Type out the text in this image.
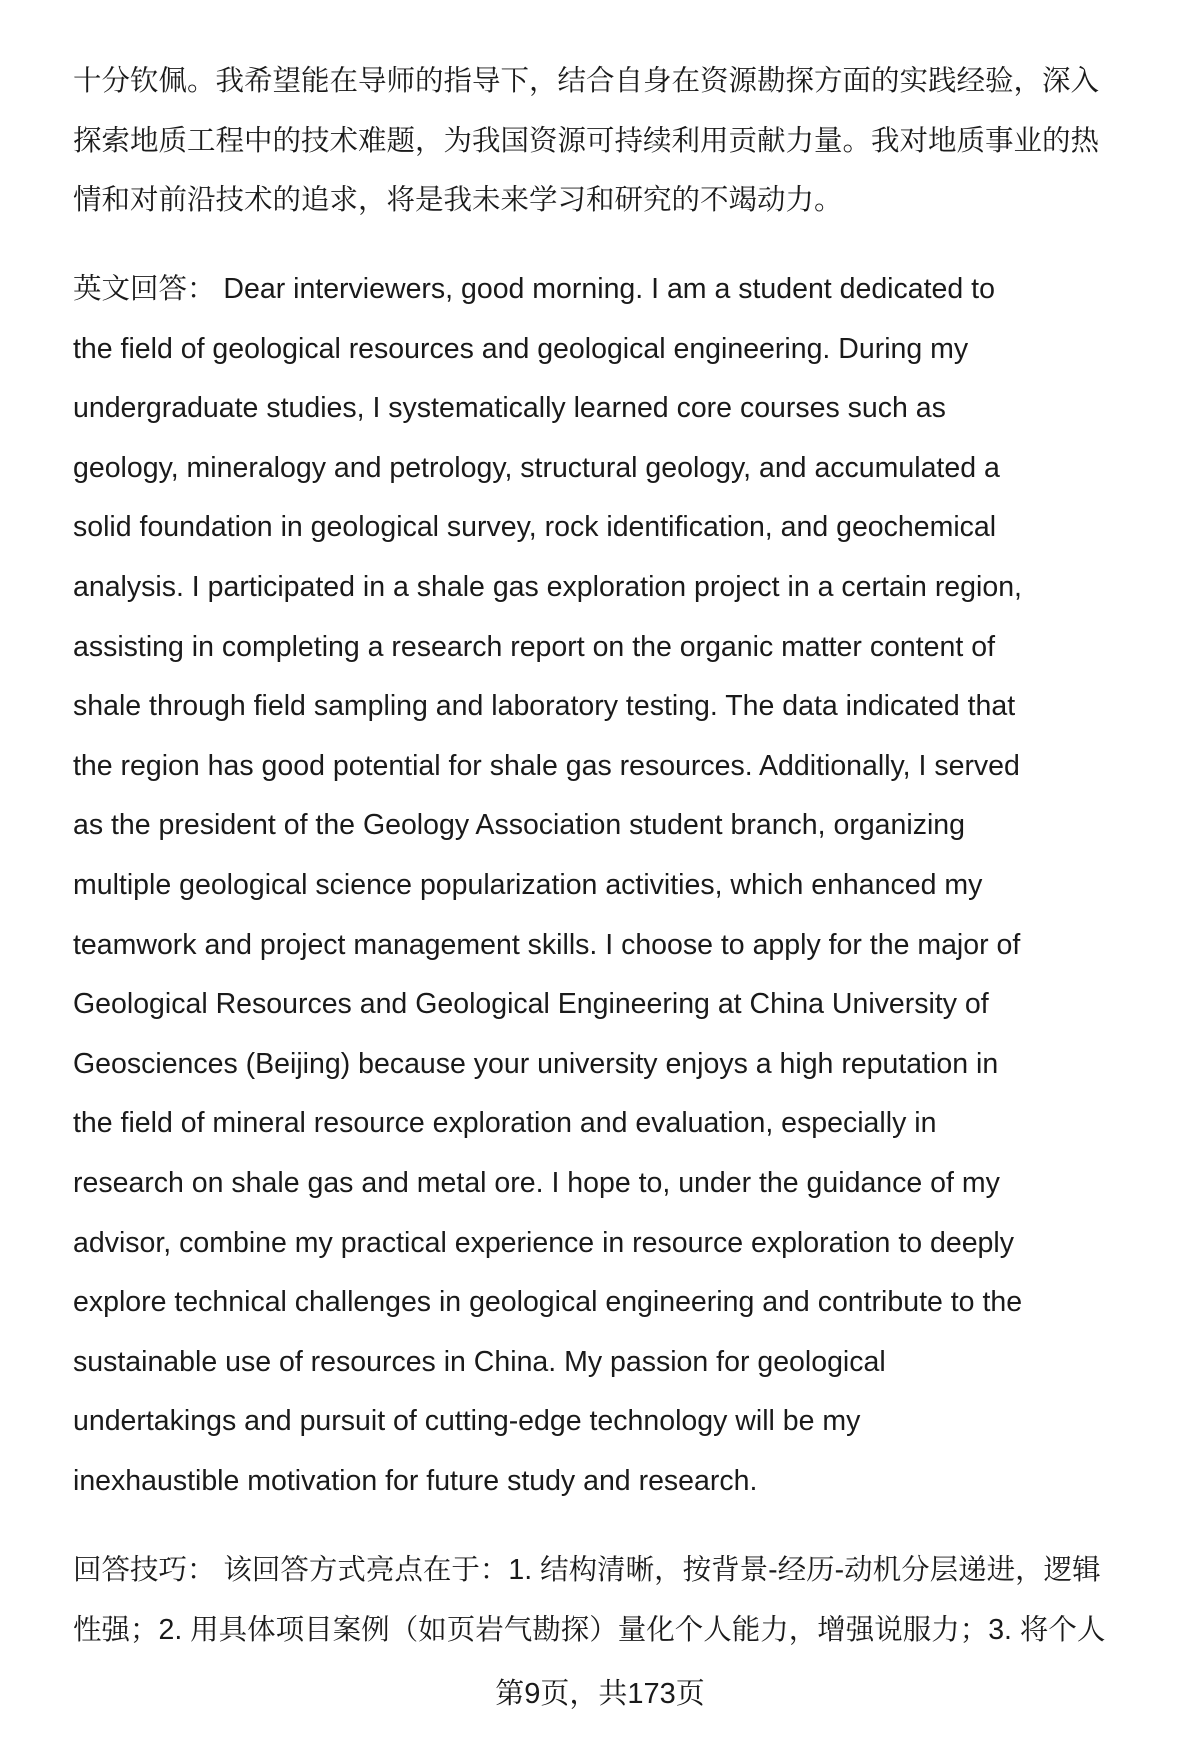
十分钦佩。我希望能在导师的指导下，结合自身在资源勘探方面的实践经验，深入
探索地质工程中的技术难题，为我国资源可持续利用贡献力量。我对地质事业的热
情和对前沿技术的追求，将是我未来学习和研究的不竭动力。
英文回答： Dear interviewers, good morning. I am a student dedicated to
the field of geological resources and geological engineering. During my
undergraduate studies, I systematically learned core courses such as
geology, mineralogy and petrology, structural geology, and accumulated a
solid foundation in geological survey, rock identification, and geochemical
analysis. I participated in a shale gas exploration project in a certain region,
assisting in completing a research report on the organic matter content of
shale through field sampling and laboratory testing. The data indicated that
the region has good potential for shale gas resources. Additionally, I served
as the president of the Geology Association student branch, organizing
multiple geological science popularization activities, which enhanced my
teamwork and project management skills. I choose to apply for the major of
Geological Resources and Geological Engineering at China University of
Geosciences (Beijing) because your university enjoys a high reputation in
the field of mineral resource exploration and evaluation, especially in
research on shale gas and metal ore. I hope to, under the guidance of my
advisor, combine my practical experience in resource exploration to deeply
explore technical challenges in geological engineering and contribute to the
sustainable use of resources in China. My passion for geological
undertakings and pursuit of cutting-edge technology will be my
inexhaustible motivation for future study and research.
回答技巧： 该回答方式亮点在于：1. 结构清晰，按背景-经历-动机分层递进，逻辑
性强；2. 用具体项目案例（如页岩气勘探）量化个人能力，增强说服力；3. 将个人
第9页，共173页
